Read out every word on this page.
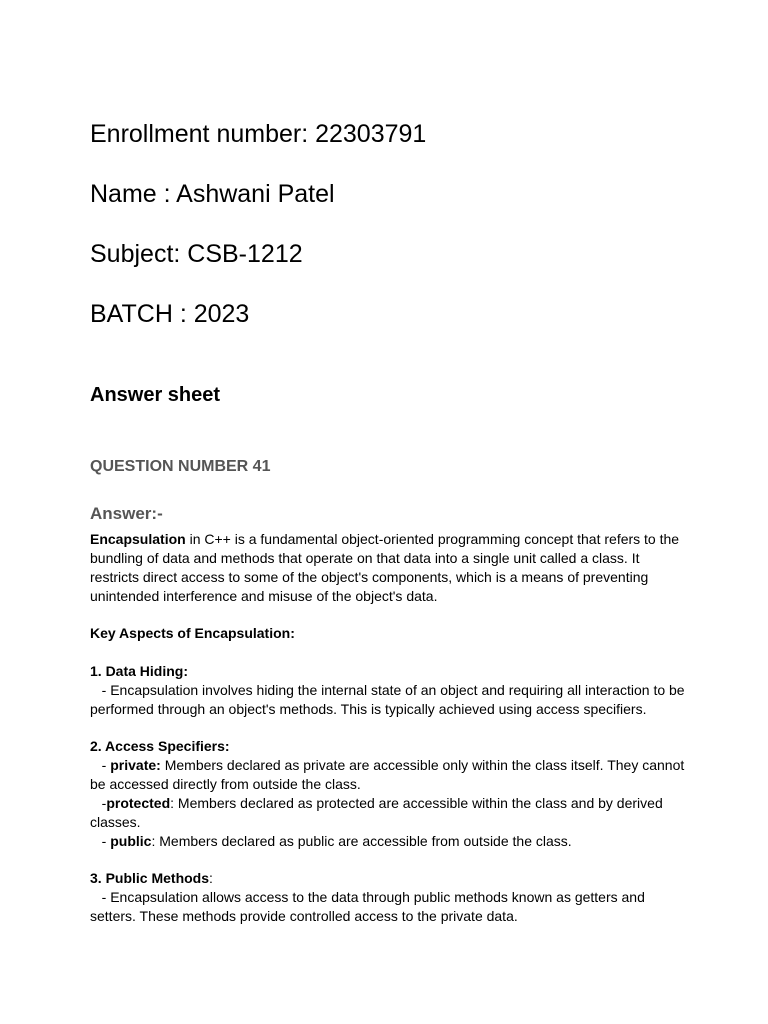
Enrollment number: 22303791
Name : Ashwani Patel
Subject: CSB-1212
BATCH : 2023
Answer sheet
QUESTION NUMBER 41
Answer:-
Encapsulation in C++ is a fundamental object-oriented programming concept that refers to the
bundling of data and methods that operate on that data into a single unit called a class. It
restricts direct access to some of the object's components, which is a means of preventing
unintended interference and misuse of the object's data.
Key Aspects of Encapsulation:
1. Data Hiding:
- Encapsulation involves hiding the internal state of an object and requiring all interaction to be
performed through an object's methods. This is typically achieved using access specifiers.
2. Access Specifiers:
- private: Members declared as private are accessible only within the class itself. They cannot
be accessed directly from outside the class.
-protected: Members declared as protected are accessible within the class and by derived
classes.
- public: Members declared as public are accessible from outside the class.
3. Public Methods:
- Encapsulation allows access to the data through public methods known as getters and
setters. These methods provide controlled access to the private data.
